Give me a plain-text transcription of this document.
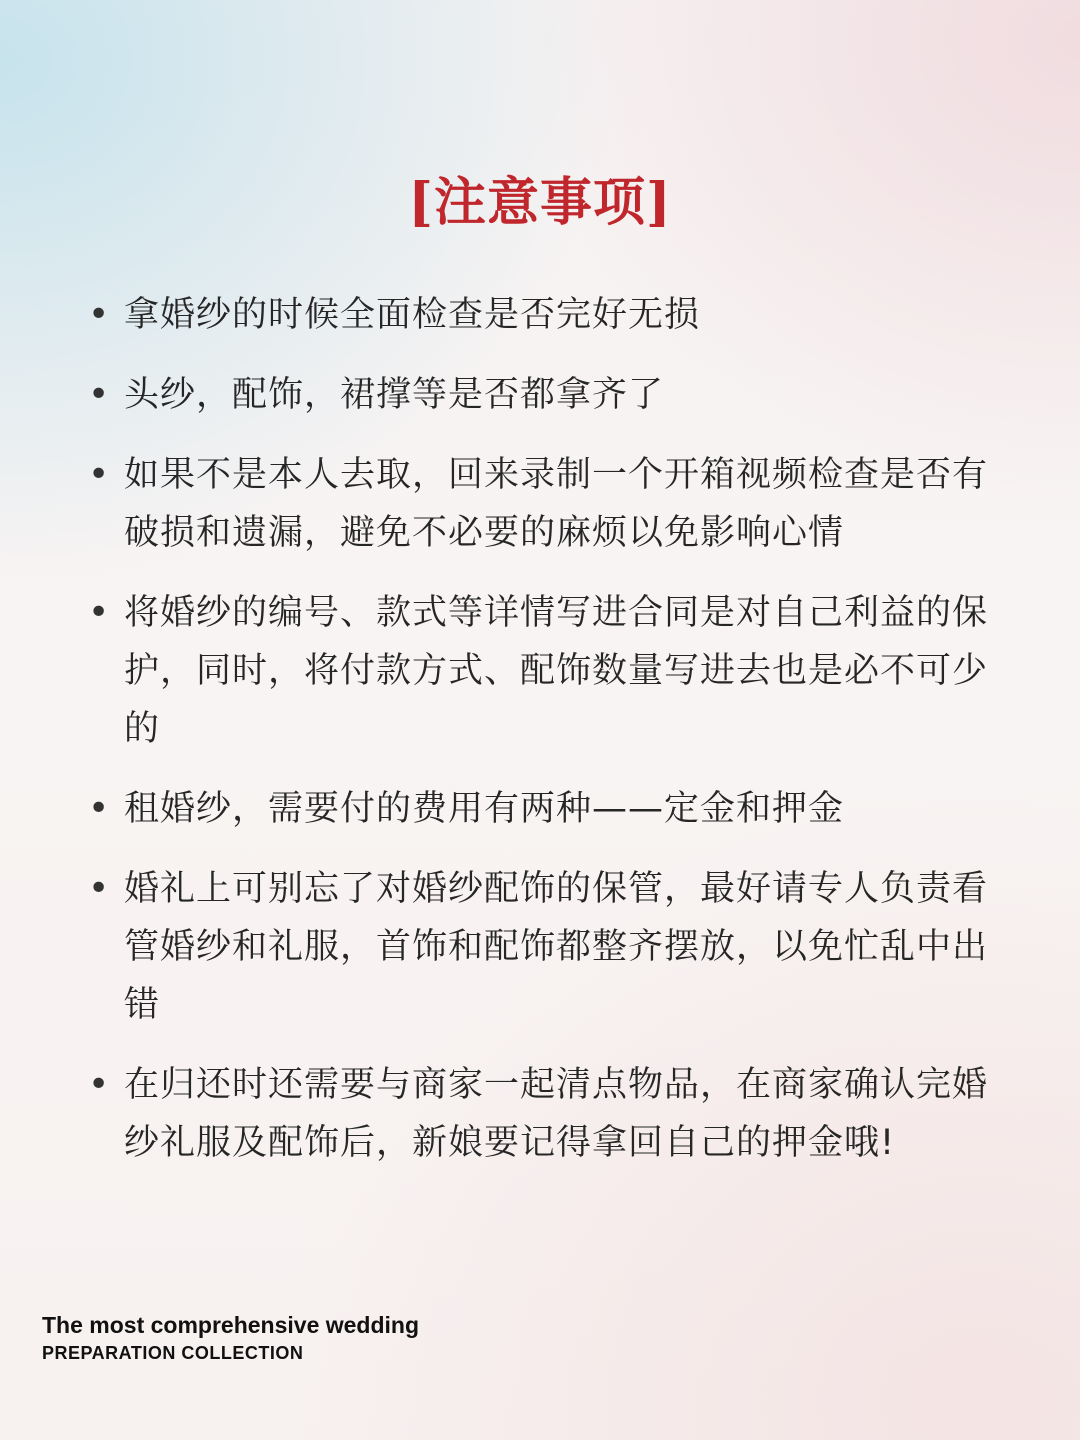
[注意事项]
• 拿婚纱的时候全面检查是否完好无损
• 头纱，配饰，裙撑等是否都拿齐了
• 如果不是本人去取，回来录制一个开箱视频检查是否有破损和遗漏，避免不必要的麻烦以免影响心情
• 将婚纱的编号、款式等详情写进合同是对自己利益的保护，同时，将付款方式、配饰数量写进去也是必不可少的
• 租婚纱，需要付的费用有两种——定金和押金
• 婚礼上可别忘了对婚纱配饰的保管，最好请专人负责看管婚纱和礼服，首饰和配饰都整齐摆放，以免忙乱中出错
• 在归还时还需要与商家一起清点物品，在商家确认完婚纱礼服及配饰后，新娘要记得拿回自己的押金哦!
The most comprehensive wedding
PREPARATION COLLECTION
